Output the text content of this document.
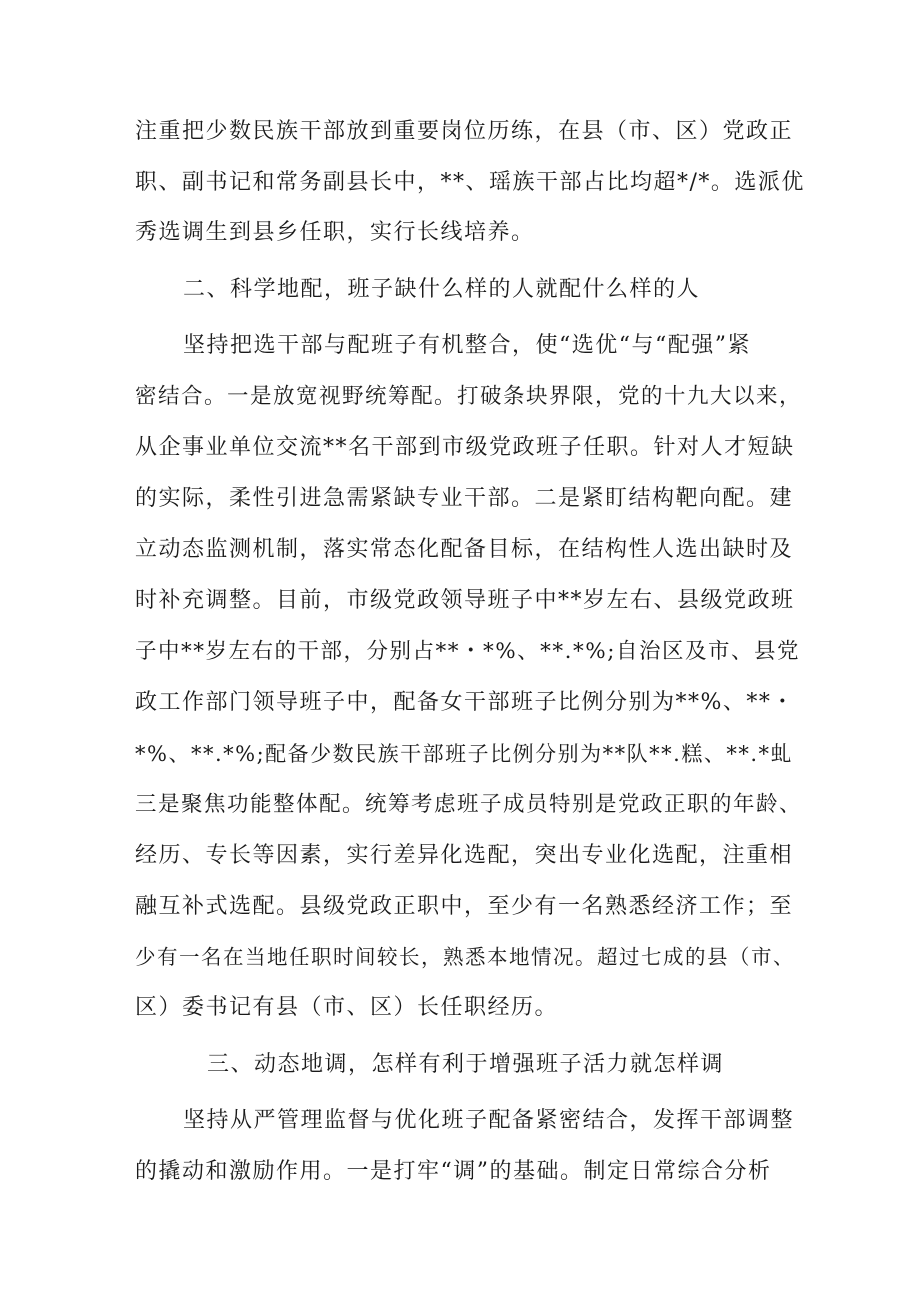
注重把少数民族干部放到重要岗位历练，在县（市、区）党政正
职、副书记和常务副县长中，**、瑶族干部占比均超*/*。选派优
秀选调生到县乡任职，实行长线培养。
二、科学地配，班子缺什么样的人就配什么样的人
坚持把选干部与配班子有机整合，使“选优“与“配强”紧
密结合。一是放宽视野统筹配。打破条块界限，党的十九大以来，
从企事业单位交流**名干部到市级党政班子任职。针对人才短缺
的实际，柔性引进急需紧缺专业干部。二是紧盯结构靶向配。建
立动态监测机制，落实常态化配备目标，在结构性人选出缺时及
时补充调整。目前，市级党政领导班子中**岁左右、县级党政班
子中**岁左右的干部，分别占**・*%、**.*%;自治区及市、县党
政工作部门领导班子中，配备女干部班子比例分别为**%、**・
*%、**.*%;配备少数民族干部班子比例分别为**队**.糕、**.*虬
三是聚焦功能整体配。统筹考虑班子成员特别是党政正职的年龄、
经历、专长等因素，实行差异化选配，突出专业化选配，注重相
融互补式选配。县级党政正职中，至少有一名熟悉经济工作；至
少有一名在当地任职时间较长，熟悉本地情况。超过七成的县（市、
区）委书记有县（市、区）长任职经历。
三、动态地调，怎样有利于增强班子活力就怎样调
坚持从严管理监督与优化班子配备紧密结合，发挥干部调整
的撬动和激励作用。一是打牢“调”的基础。制定日常综合分析
